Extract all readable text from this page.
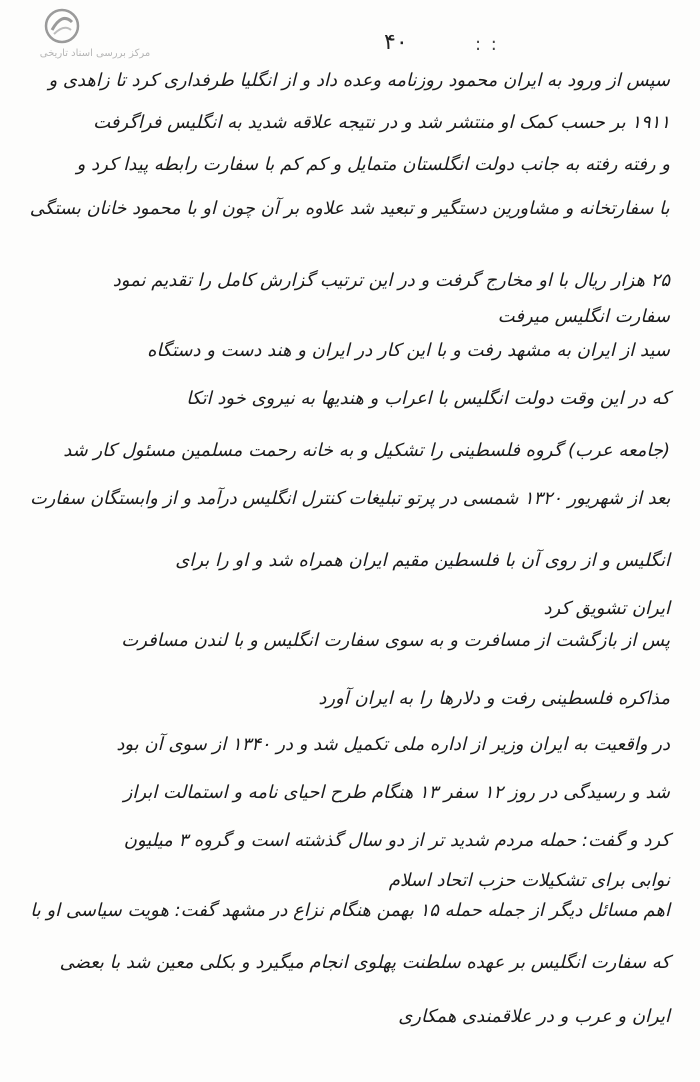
مرکز بررسی اسناد تاریخی	۴۰	: :
سپس از ورود به ایران محمود روزنامه وعده داد و از انگلیا طرفداری کرد تا زاهدی و
۱۹۱۱ بر حسب کمک او منتشر شد و در نتیجه علاقه شدید به انگلیس فراگرفت
و رفته رفته به جانب دولت انگلستان متمایل و کم کم با سفارت رابطه پیدا کرد و
با سفارتخانه و مشاورین دستگیر و تبعید شد علاوه بر آن چون او با محمود خانان بستگی
۲۵ هزار ریال با او مخارج گرفت و در این ترتیب گزارش کامل را تقدیم نمود
سفارت انگلیس میرفت
سید از ایران به مشهد رفت و با این کار در ایران و هند دست و دستگاه
که در این وقت دولت انگلیس با اعراب و هندیها به نیروی خود اتکا
(جامعه عرب) گروه فلسطینی را تشکیل و به خانه رحمت مسلمین مسئول کار شد
بعد از شهریور ۱۳۲۰ شمسی در پرتو تبلیغات کنترل انگلیس درآمد و از وابستگان سفارت
انگلیس و از روی آن با فلسطین مقیم ایران همراه شد و او را برای
ایران تشویق کرد
پس از بازگشت از مسافرت و به سوی سفارت انگلیس و با لندن مسافرت
مذاکره فلسطینی رفت و دلارها را به ایران آورد
در واقعیت به ایران وزیر از اداره ملی تکمیل شد و در ۱۳۴۰ از سوی آن بود
شد و رسیدگی در روز ۱۲ سفر ۱۳ هنگام طرح احیای نامه و استمالت ابراز
کرد و گفت: حمله مردم شدید تر از دو سال گذشته است و گروه ۳ میلیون
نوابی برای تشکیلات حزب اتحاد اسلام
اهم مسائل دیگر از جمله حمله ۱۵ بهمن هنگام نزاع در مشهد گفت: هویت سیاسی او با
که سفارت انگلیس بر عهده سلطنت پهلوی انجام میگیرد و بکلی معین شد با بعضی
ایران و عرب و در علاقمندی همکاری
